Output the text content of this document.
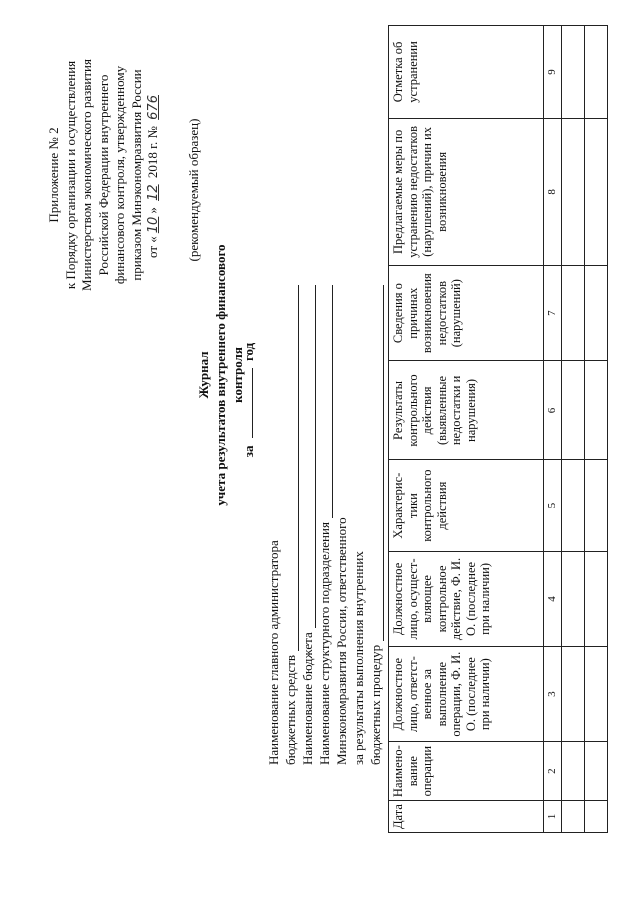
Приложение № 2 к Порядку организации и осуществления Министерством экономического развития Российской Федерации внутреннего финансового контроля, утвержденному приказом Минэкономразвития России от «10» 12 2018 г. № 676
(рекомендуемый образец)
Журнал учета результатов внутреннего финансового контроля
за  год
Наименование главного администратора бюджетных средств Наименование бюджета Наименование структурного подразделения Минэкономразвития России, ответственного за результаты выполнения внутренних бюджетных процедур
Дата	Наимено-вание операции	Должностное лицо, ответст-венное за выполнение операции, Ф. И. О. (последнее при наличии)	Должностное лицо, осущест-вляющее контрольное действие, Ф. И. О. (последнее при наличии)	Характерис-тики контрольного действия	Результаты контрольного действия (выявленные недостатки и нарушения)	Сведения о причинах возникновения недостатков (нарушений)	Предлагаемые меры по устранению недостатков (нарушений), причин их возникновения	Отметка об устранении
1	2	3	4	5	6	7	8	9
